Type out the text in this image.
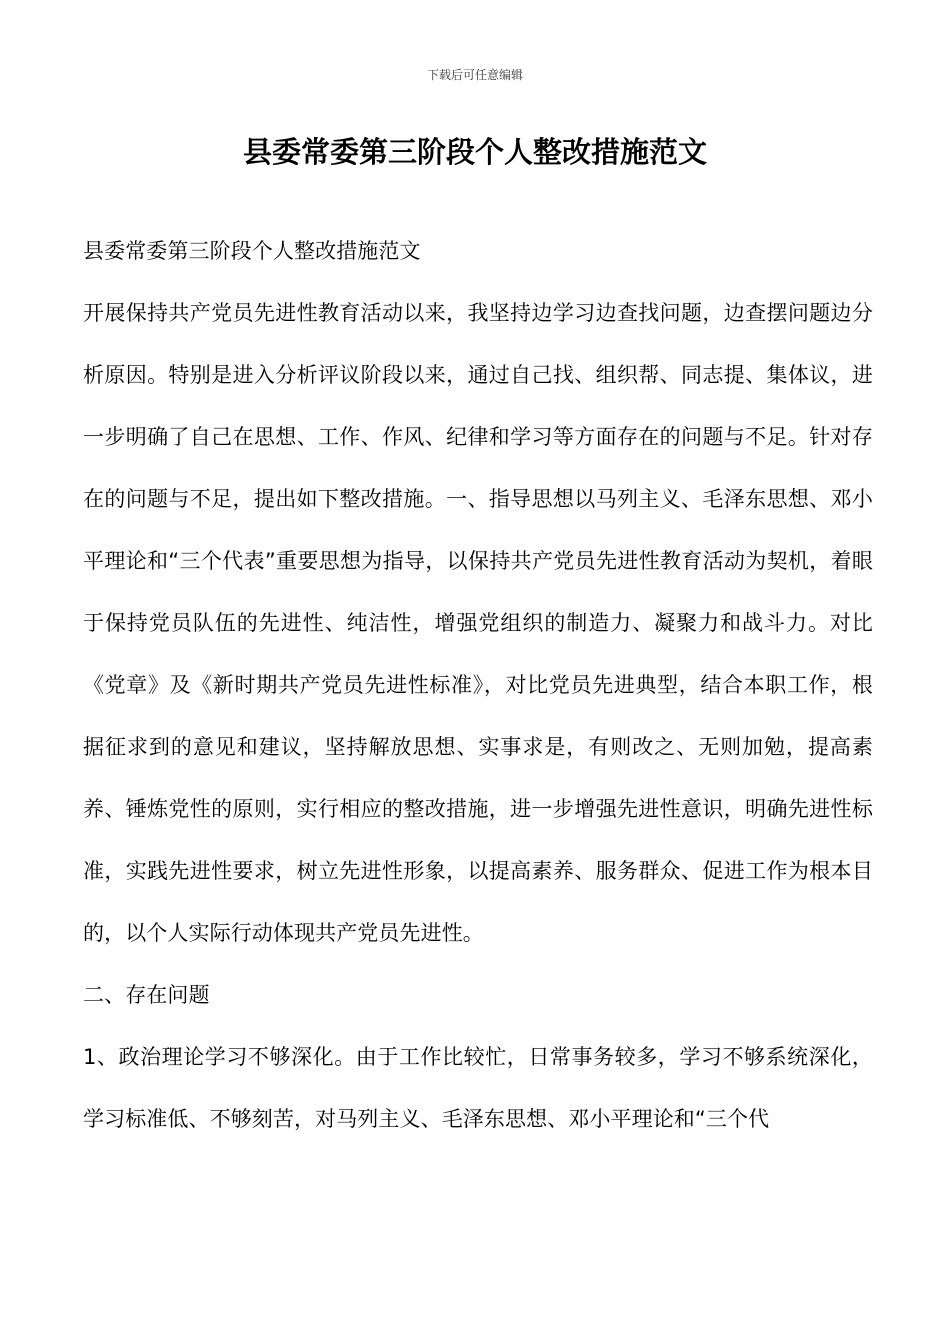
下载后可任意编辑
县委常委第三阶段个人整改措施范文

县委常委第三阶段个人整改措施范文

开展保持共产党员先进性教育活动以来，我坚持边学习边查找问题，边查摆问题边分析原因。特别是进入分析评议阶段以来，通过自己找、组织帮、同志提、集体议，进一步明确了自己在思想、工作、作风、纪律和学习等方面存在的问题与不足。针对存在的问题与不足，提出如下整改措施。一、指导思想以马列主义、毛泽东思想、邓小平理论和“三个代表”重要思想为指导，以保持共产党员先进性教育活动为契机，着眼于保持党员队伍的先进性、纯洁性，增强党组织的制造力、凝聚力和战斗力。对比《党章》及《新时期共产党员先进性标准》，对比党员先进典型，结合本职工作，根据征求到的意见和建议，坚持解放思想、实事求是，有则改之、无则加勉，提高素养、锤炼党性的原则，实行相应的整改措施，进一步增强先进性意识，明确先进性标准，实践先进性要求，树立先进性形象，以提高素养、服务群众、促进工作为根本目的，以个人实际行动体现共产党员先进性。

二、存在问题

1、政治理论学习不够深化。由于工作比较忙，日常事务较多，学习不够系统深化，学习标准低、不够刻苦，对马列主义、毛泽东思想、邓小平理论和“三个代
